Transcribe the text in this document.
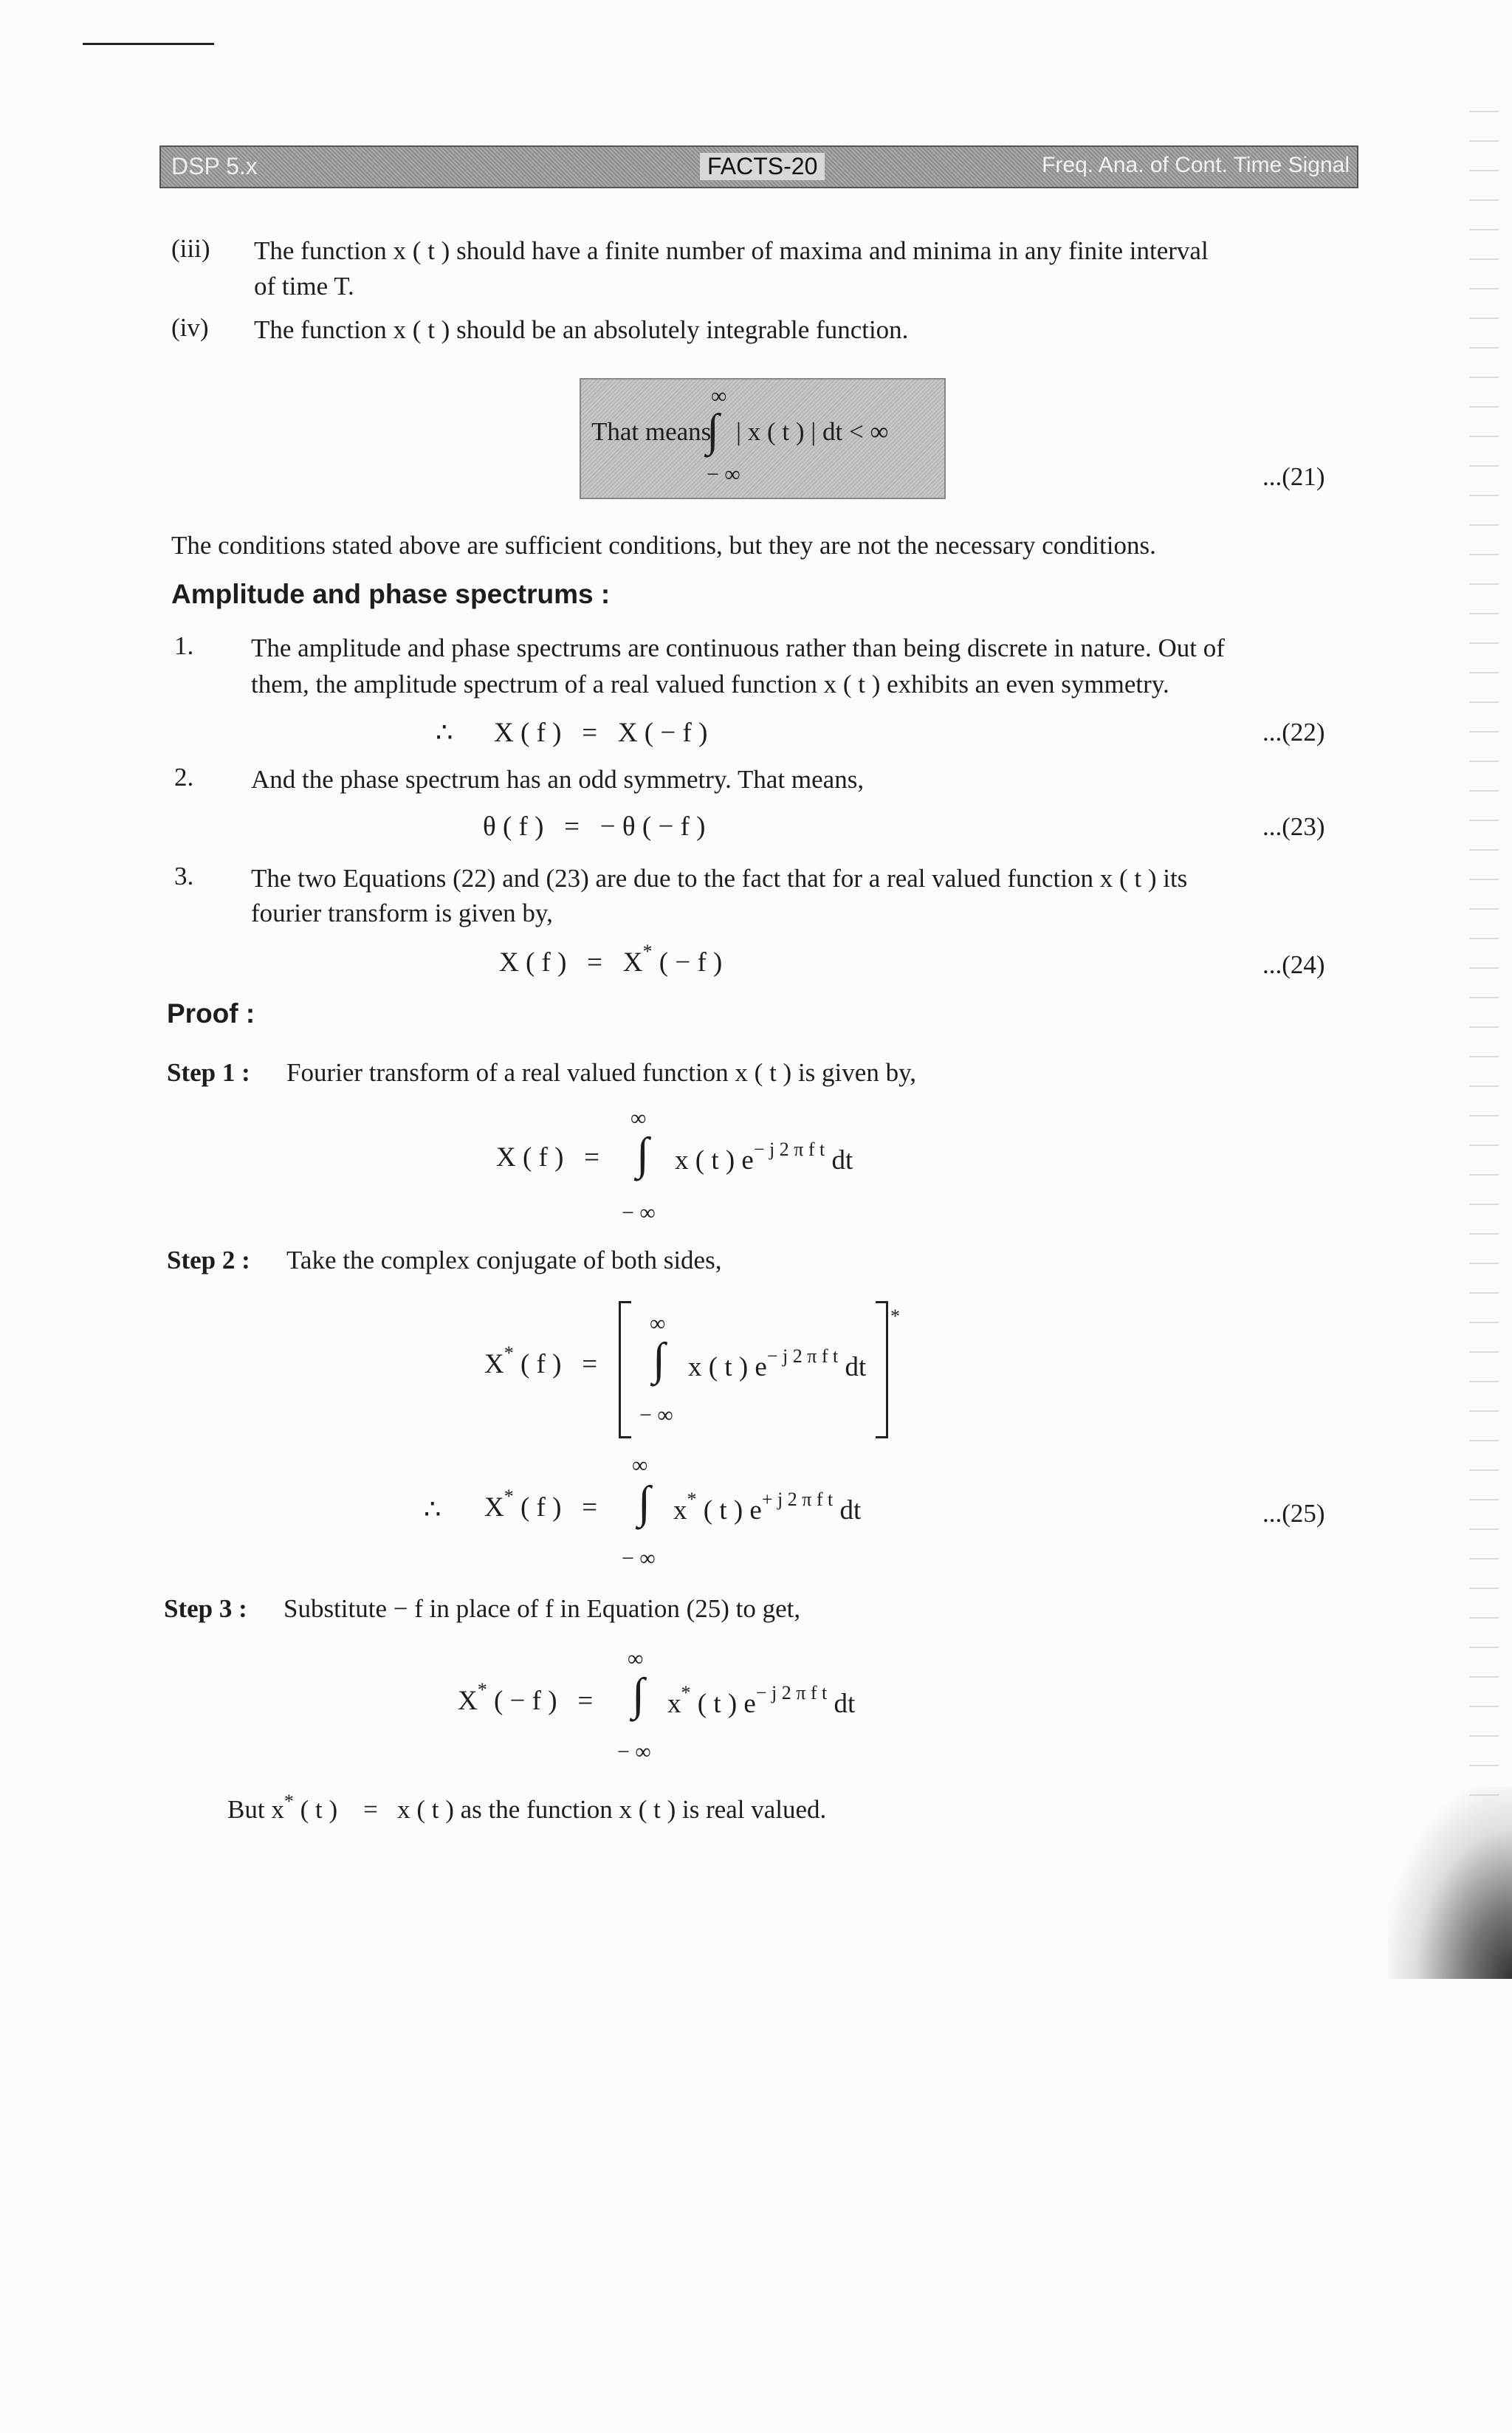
DSP 5.x	FACTS-20	Freq. Ana. of Cont. Time Signal
(iii) The function x ( t ) should have a finite number of maxima and minima in any finite interval
of time T.
(iv) The function x ( t ) should be an absolutely integrable function.
That means
∞
∫ | x ( t ) | dt < ∞
− ∞	...(21)
The conditions stated above are sufficient conditions, but they are not the necessary conditions.
Amplitude and phase spectrums :
1. The amplitude and phase spectrums are continuous rather than being discrete in nature. Out of
them, the amplitude spectrum of a real valued function x ( t ) exhibits an even symmetry.
∴      X ( f )   =   X ( − f )	...(22)
2. And the phase spectrum has an odd symmetry. That means,
θ ( f )   =   − θ ( − f )	...(23)
3. The two Equations (22) and (23) are due to the fact that for a real valued function x ( t ) its
fourier transform is given by,
X ( f )   =   X* ( − f )	...(24)
Proof :
Step 1 : Fourier transform of a real valued function x ( t ) is given by,
X ( f )   =
∞
∫
− ∞
x ( t ) $e^{- j 2 \pi f t}$ dt
Step 2 : Take the complex conjugate of both sides,
X* ( f )   =
∞
∫
− ∞
x ( t ) $e^{- j 2 \pi f t}$ dt
*
∴ X* ( f )   =
∞
∫
− ∞
x* ( t ) $e^{+ j 2 \pi f t}$ dt	...(25)
Step 3 : Substitute − f in place of f in Equation (25) to get,
X* ( − f )   =
∞
∫
− ∞
x* ( t ) $e^{- j 2 \pi f t}$ dt
But x* ( t )    =   x ( t ) as the function x ( t ) is real valued.
